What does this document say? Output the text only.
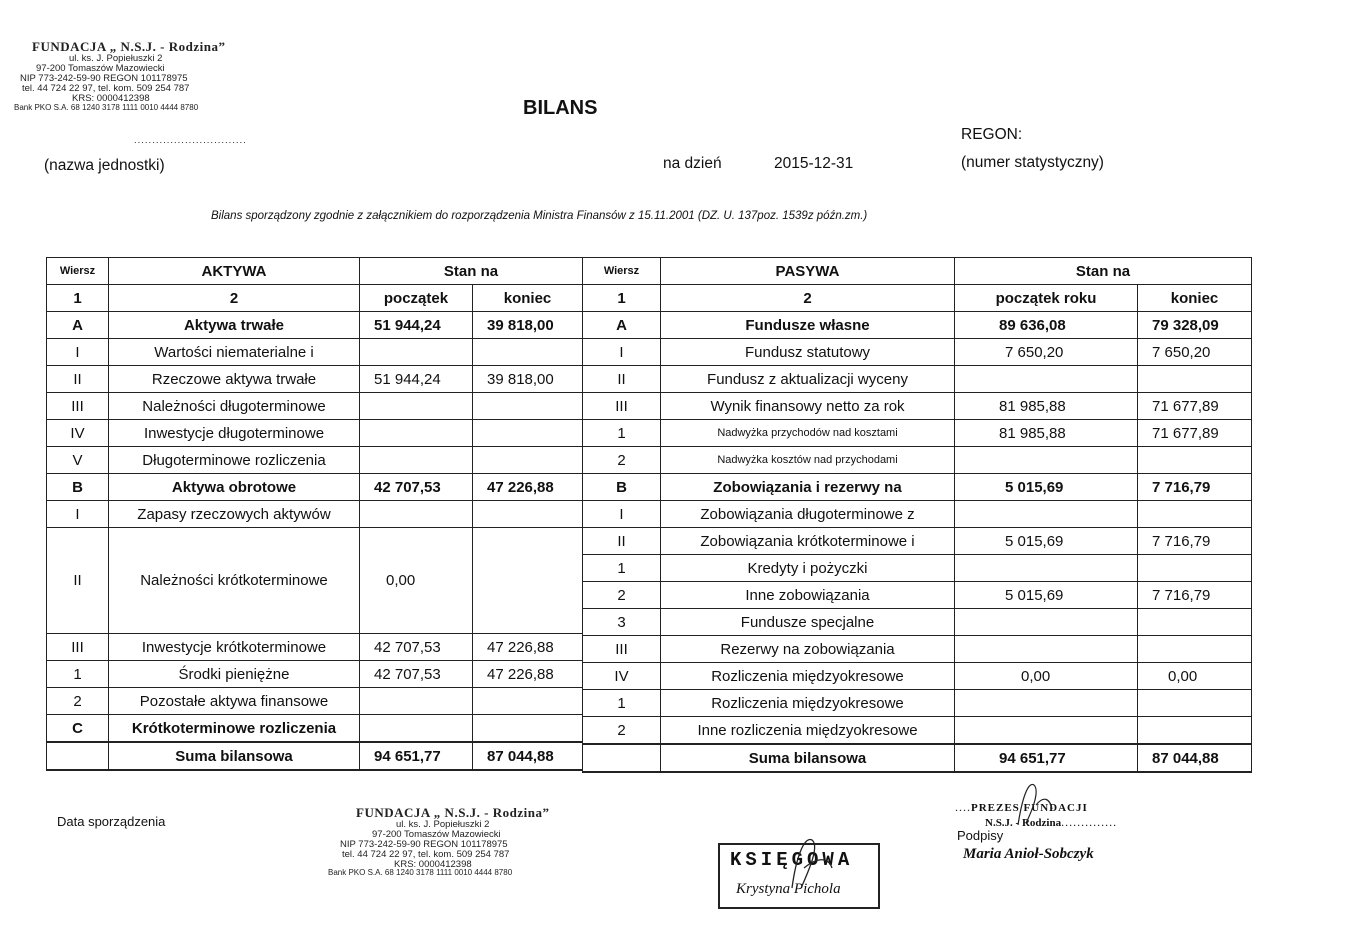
FUNDACJA „ N.S.J. - Rodzina”
ul. ks. J. Popiełuszki 2
97-200 Tomaszów Mazowiecki
NIP 773-242-59-90 REGON 101178975
tel. 44 724 22 97, tel. kom. 509 254 787
KRS: 0000412398
Bank PKO S.A. 68 1240 3178 1111 0010 4444 8780
...............................
(nazwa jednostki)
BILANS
na dzień	2015-12-31
REGON:
(numer statystyczny)
Bilans sporządzony zgodnie z załącznikiem do rozporządzenia Ministra Finansów z 15.11.2001 (DZ. U. 137poz. 1539z późn.zm.)
Wiersz	AKTYWA	Stan na	
1	2	początek	koniec
A	Aktywa trwałe	51 944,24	39 818,00
I	Wartości niematerialne i		
II	Rzeczowe aktywa trwałe	51 944,24	39 818,00
III	Należności długoterminowe		
IV	Inwestycje długoterminowe		
V	Długoterminowe rozliczenia		
B	Aktywa obrotowe	42 707,53	47 226,88
I	Zapasy rzeczowych aktywów		
II	Należności krótkoterminowe	0,00	
III	Inwestycje krótkoterminowe	42 707,53	47 226,88
1	Środki pieniężne	42 707,53	47 226,88
2	Pozostałe aktywa finansowe		
C	Krótkoterminowe rozliczenia		
	Suma bilansowa	94 651,77	87 044,88
Wiersz	PASYWA	Stan na	
1	2	początek roku	koniec
A	Fundusze własne	89 636,08	79 328,09
I	Fundusz statutowy	7 650,20	7 650,20
II	Fundusz z aktualizacji wyceny		
III	Wynik finansowy netto za rok	81 985,88	71 677,89
1	Nadwyżka przychodów nad kosztami	81 985,88	71 677,89
2	Nadwyżka kosztów nad przychodami		
B	Zobowiązania i rezerwy na	5 015,69	7 716,79
I	Zobowiązania długoterminowe z		
II	Zobowiązania krótkoterminowe i	5 015,69	7 716,79
1	Kredyty i pożyczki		
2	Inne zobowiązania	5 015,69	7 716,79
3	Fundusze specjalne		
III	Rezerwy na zobowiązania		
IV	Rozliczenia międzyokresowe	0,00	0,00
1	Rozliczenia międzyokresowe		
2	Inne rozliczenia międzyokresowe		
	Suma bilansowa	94 651,77	87 044,88
Data sporządzenia
FUNDACJA „ N.S.J. - Rodzina”
ul. ks. J. Popiełuszki 2
97-200 Tomaszów Mazowiecki
NIP 773-242-59-90 REGON 101178975
tel. 44 724 22 97, tel. kom. 509 254 787
KRS: 0000412398
Bank PKO S.A. 68 1240 3178 1111 0010 4444 8780
KSIĘGOWA
Krystyna Pichola
....PREZES FUNDACJI
N.S.J. - Rodzina..............
Podpisy
Maria Anioł-Sobczyk
